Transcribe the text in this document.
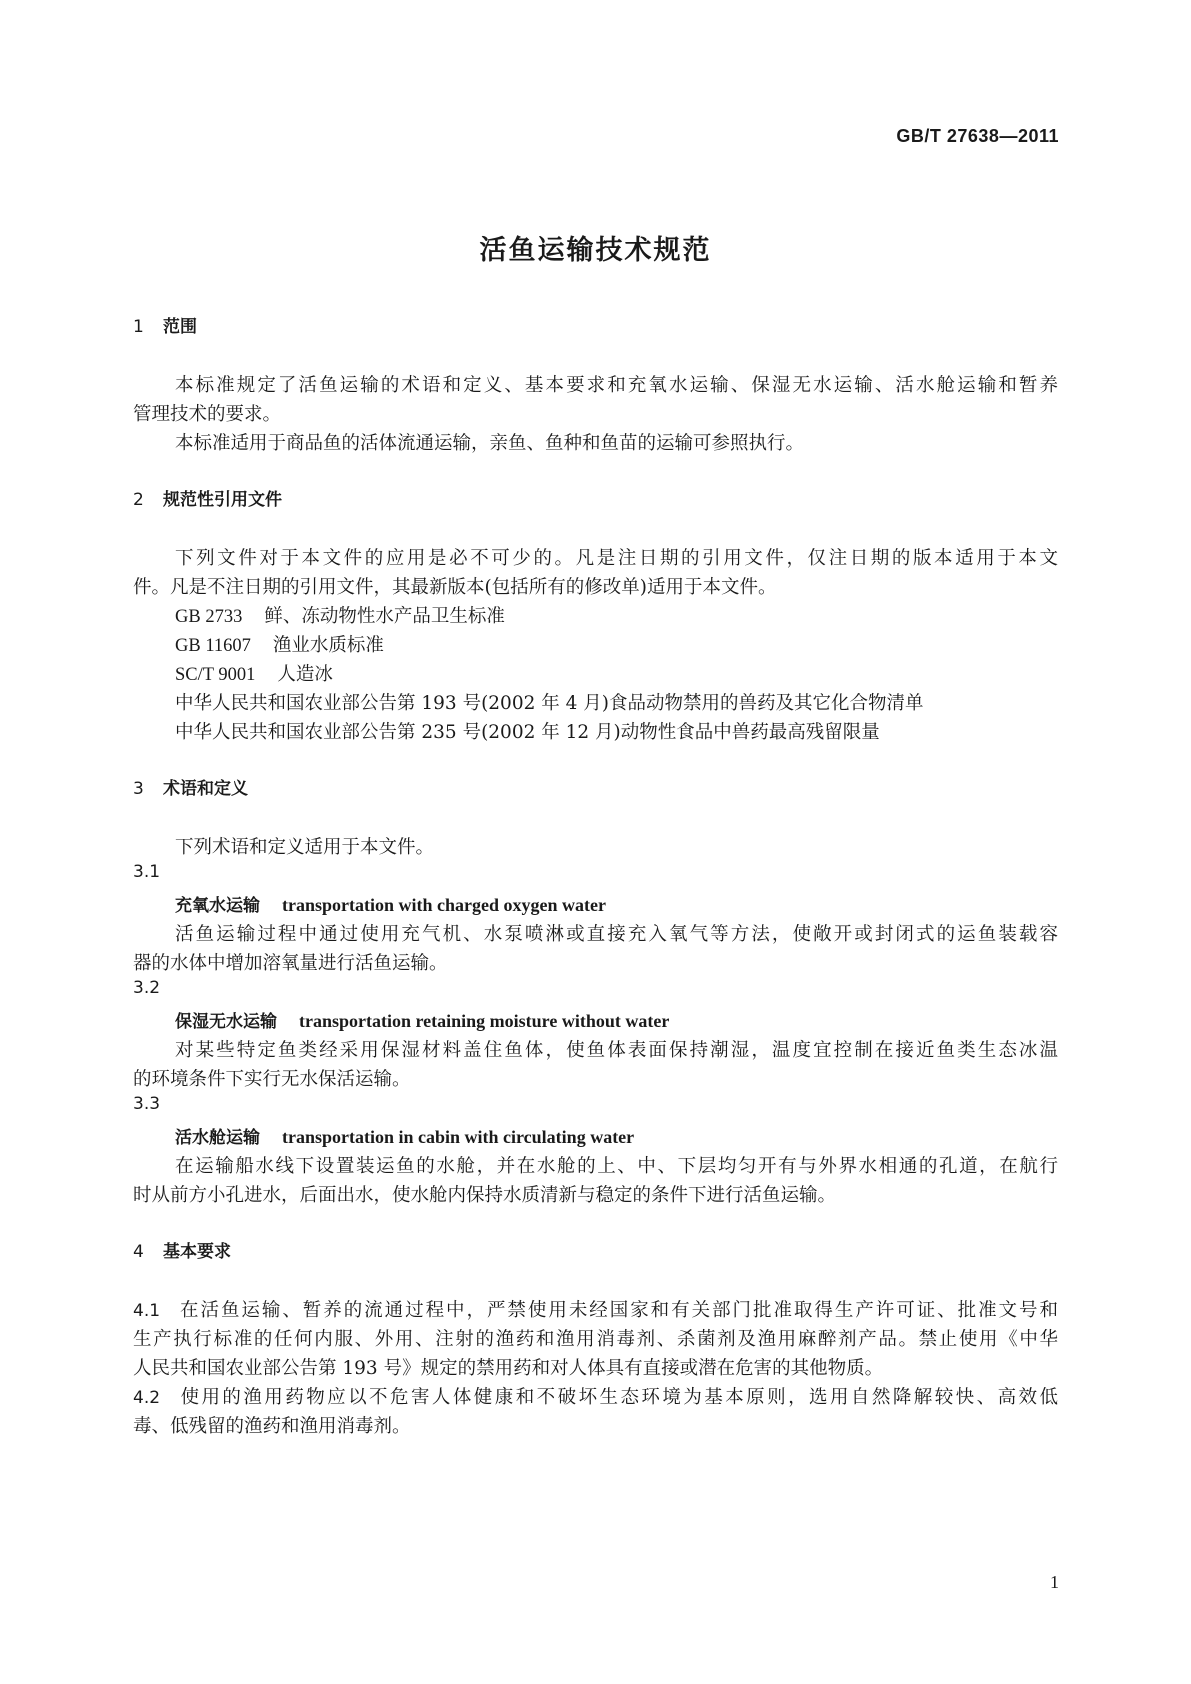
GB/T 27638—2011
活鱼运输技术规范
1 范围
本标准规定了活鱼运输的术语和定义、基本要求和充氧水运输、保湿无水运输、活水舱运输和暂养
管理技术的要求。
本标准适用于商品鱼的活体流通运输，亲鱼、鱼种和鱼苗的运输可参照执行。
2 规范性引用文件
下列文件对于本文件的应用是必不可少的。凡是注日期的引用文件，仅注日期的版本适用于本文
件。凡是不注日期的引用文件，其最新版本(包括所有的修改单)适用于本文件。
GB 2733 鲜、冻动物性水产品卫生标准
GB 11607 渔业水质标准
SC/T 9001 人造冰
中华人民共和国农业部公告第 193 号(2002 年 4 月)食品动物禁用的兽药及其它化合物清单
中华人民共和国农业部公告第 235 号(2002 年 12 月)动物性食品中兽药最高残留限量
3 术语和定义
下列术语和定义适用于本文件。
3.1
充氧水运输 transportation with charged oxygen water
活鱼运输过程中通过使用充气机、水泵喷淋或直接充入氧气等方法，使敞开或封闭式的运鱼装载容
器的水体中增加溶氧量进行活鱼运输。
3.2
保湿无水运输 transportation retaining moisture without water
对某些特定鱼类经采用保湿材料盖住鱼体，使鱼体表面保持潮湿，温度宜控制在接近鱼类生态冰温
的环境条件下实行无水保活运输。
3.3
活水舱运输 transportation in cabin with circulating water
在运输船水线下设置装运鱼的水舱，并在水舱的上、中、下层均匀开有与外界水相通的孔道，在航行
时从前方小孔进水，后面出水，使水舱内保持水质清新与稳定的条件下进行活鱼运输。
4 基本要求
4.1 在活鱼运输、暂养的流通过程中，严禁使用未经国家和有关部门批准取得生产许可证、批准文号和
生产执行标准的任何内服、外用、注射的渔药和渔用消毒剂、杀菌剂及渔用麻醉剂产品。禁止使用《中华
人民共和国农业部公告第 193 号》规定的禁用药和对人体具有直接或潜在危害的其他物质。
4.2 使用的渔用药物应以不危害人体健康和不破坏生态环境为基本原则，选用自然降解较快、高效低
毒、低残留的渔药和渔用消毒剂。
1
